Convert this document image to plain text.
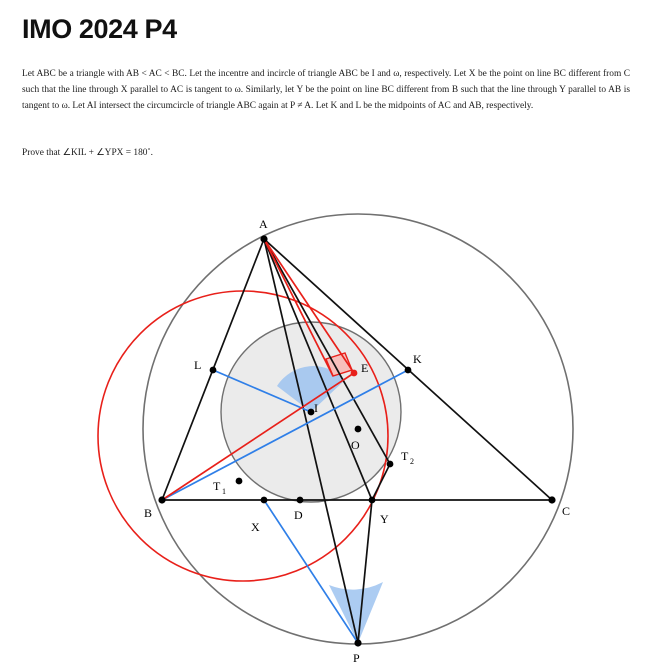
IMO 2024 P4
Let ABC be a triangle with AB < AC < BC. Let the incentre and incircle of triangle ABC be I and ω, respectively. Let X be the point on line BC different from C such that the line through X parallel to AC is tangent to ω. Similarly, let Y be the point on line BC different from B such that the line through Y parallel to AB is tangent to ω. Let AI intersect the circumcircle of triangle ABC again at P ≠ A. Let K and L be the midpoints of AC and AB, respectively.
Prove that ∠KIL + ∠YPX = 180˚.
A
B	C
I
O
K
L	E
D
X
Y
P
T 1
T 2
